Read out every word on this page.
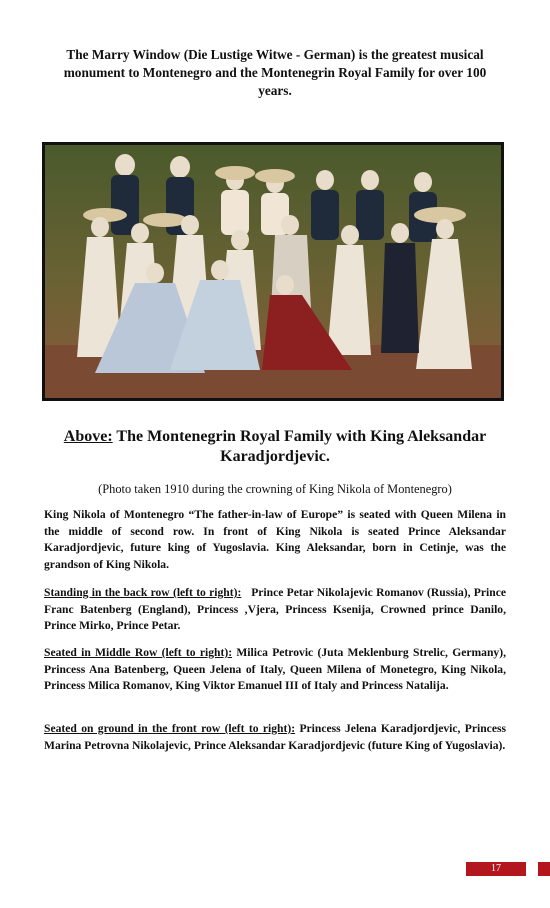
The Marry Window (Die Lustige Witwe - German) is the greatest musical monument to Montenegro and the Montenegrin Royal Family for over 100 years.
Above: The Montenegrin Royal Family with King Aleksandar Karadjordjevic.
(Photo taken 1910 during the crowning of King Nikola of Montenegro)
King Nikola of Montenegro “The father-in-law of Europe” is seated with Queen Milena in the middle of second row. In front of King Nikola is seated Prince Aleksandar Karadjordjevic, future king of Yugoslavia. King Aleksandar, born in Cetinje, was the grandson of King Nikola.
Standing in the back row (left to right): Prince Petar Nikolajevic Romanov (Russia), Prince Franc Batenberg (England), Princess ,Vjera, Princess Ksenija, Crowned prince Danilo, Prince Mirko, Prince Petar.
Seated in Middle Row (left to right): Milica Petrovic (Juta Meklenburg Strelic, Germany), Princess Ana Batenberg, Queen Jelena of Italy, Queen Milena of Monetegro, King Nikola, Princess Milica Romanov, King Viktor Emanuel III of Italy and Princess Natalija.
Seated on ground in the front row (left to right): Princess Jelena Karadjordjevic, Princess Marina Petrovna Nikolajevic, Prince Aleksandar Karadjordjevic (future King of Yugoslavia).
17
